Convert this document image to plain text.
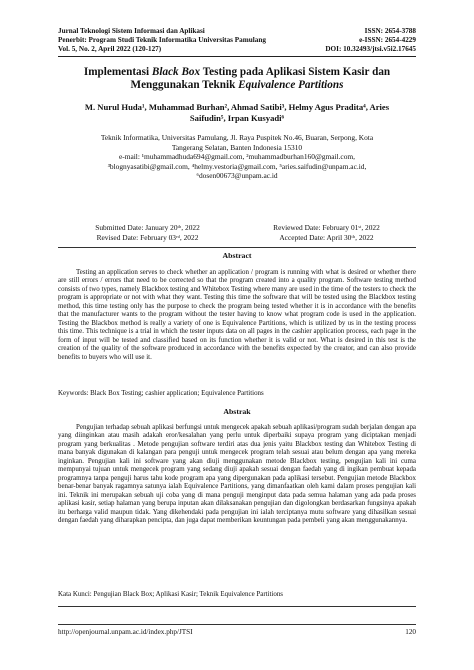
Jurnal Teknologi Sistem Informasi dan Aplikasi	ISSN: 2654-3788
Penerbit: Program Studi Teknik Informatika Universitas Pamulang	e-ISSN: 2654-4229
Vol. 5, No. 2, April 2022 (120-127)	DOI: 10.32493/jtsi.v5i2.17645
Implementasi Black Box Testing pada Aplikasi Sistem Kasir dan Menggunakan Teknik Equivalence Partitions
M. Nurul Huda¹, Muhammad Burhan², Ahmad Satibi³, Helmy Agus Pradita⁴, Aries
Saifudin⁵, Irpan Kusyadi⁶
Teknik Informatika, Universitas Pamulang, Jl. Raya Puspitek No.46, Buaran, Serpong, Kota
Tangerang Selatan, Banten Indonesia 15310
e-mail: ¹muhammadhuda694@gmail.com, ²muhammadburhan160@gmail.com,
³blognyasatibi@gmail.com, ⁴helmy.vestoria@gmail.com, ⁵aries.saifudin@unpam.ac.id,
⁶dosen00673@unpam.ac.id
Submitted Date: January 20ᵗʰ, 2022	Reviewed Date: February 01ˢᵗ, 2022
Revised Date: February 03ʳᵈ, 2022	Accepted Date: April 30ᵗʰ, 2022
Abstract
Testing an application serves to check whether an application / program is running with what is desired or whether there are still errors / errors that need to be corrected so that the program created into a quality program. Software testing method consists of two types, namely Blackbox testing and Whitebox Testing where many are used in the time of the testers to check the program is appropriate or not with what they want. Testing this time the software that will be tested using the Blackbox testing method, this time testing only has the purpose to check the program being tested whether it is in accordance with the benefits that the manufacturer wants to the program without the tester having to know what program code is used in the application. Testing the Blackbox method is really a variety of one is Equivalence Partitions, which is utilized by us in the testing process this time. This technique is a trial in which the tester inputs data on all pages in the cashier application process, each page in the form of input will be tested and classified based on its function whether it is valid or not. What is desired in this test is the creation of the quality of the software produced in accordance with the benefits expected by the creator, and can also provide benefits to buyers who will use it.
Keywords: Black Box Testing; cashier application; Equivalence Partitions
Abstrak
Pengujian terhadap sebuah aplikasi berfungsi untuk mengecek apakah sebuah aplikasi/program sudah berjalan dengan apa yang diinginkan atau masih adakah eror/kesalahan yang perlu untuk diperbaiki supaya program yang diciptakan menjadi program yang berkualitas . Metode pengujian software terdiri atas dua jenis yaitu Blackbox testing dan Whitebox Testing di mana banyak digunakan di kalangan para penguji untuk mengecek program telah sesuai atau belum dengan apa yang mereka inginkan. Pengujian kali ini software yang akan diuji menggunakan metode Blackbox testing, pengujian kali ini cuma mempunyai tujuan untuk mengecek program yang sedang diuji apakah sesuai dengan faedah yang di ingikan pembuat kepada programnya tanpa penguji harus tahu kode program apa yang dipergunakan pada aplikasi tersebut. Pengujian metode Blackbox benar-benar banyak ragamnya satunya ialah Equivalence Partitions, yang dimanfaatkan oleh kami dalam proses pengujian kali ini. Teknik ini merupakan sebuah uji coba yang di mana penguji menginput data pada semua halaman yang ada pada proses aplikasi kasir, setiap halaman yang berupa inputan akan dilaksanakan pengujian dan digolongkan berdasarkan fungsinya apakah itu berharga valid maupun tidak. Yang dikehendaki pada pengujian ini ialah terciptanya mutu software yang dihasilkan sesuai dengan faedah yang diharapkan pencipta, dan juga dapat memberikan keuntungan pada pembeli yang akan menggunakannya.
Kata Kunci: Pengujian Black Box; Aplikasi Kasir; Teknik Equivalence Partitions
http://openjournal.unpam.ac.id/index.php/JTSI	120
